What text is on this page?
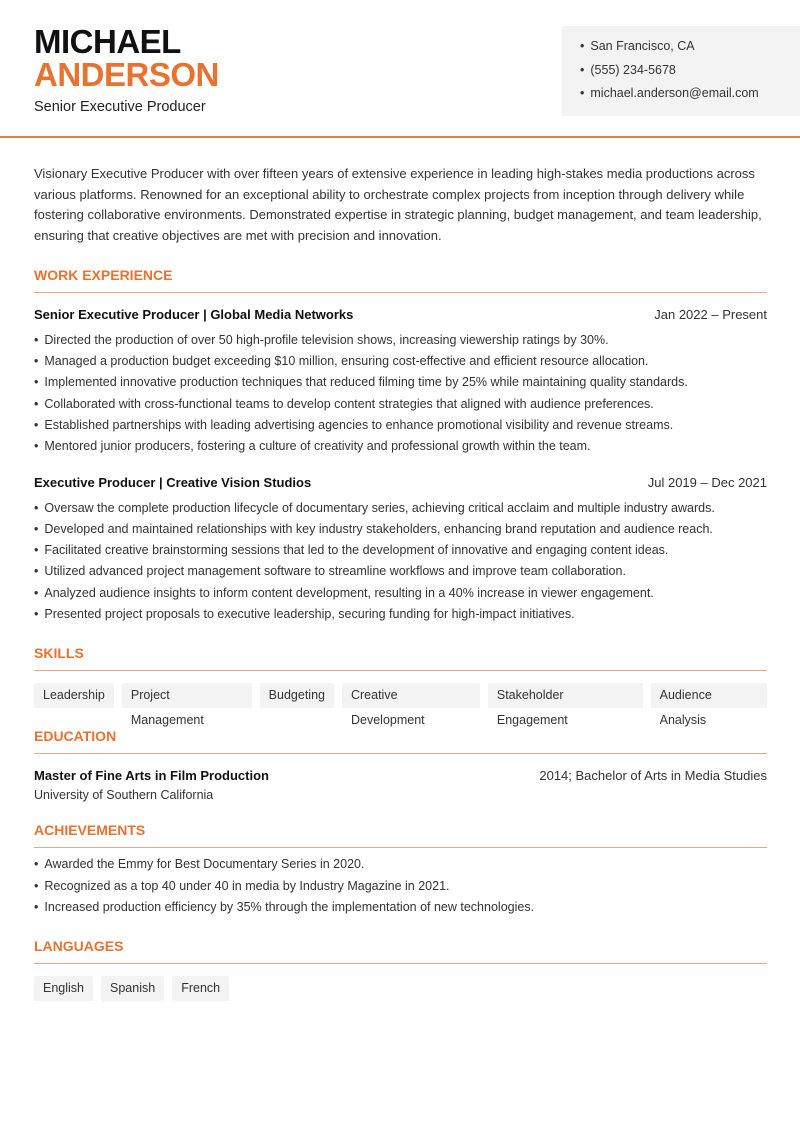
MICHAEL
ANDERSON
Senior Executive Producer
• San Francisco, CA
• (555) 234-5678
• michael.anderson@email.com

Visionary Executive Producer with over fifteen years of extensive experience in leading high-stakes media productions across various platforms. Renowned for an exceptional ability to orchestrate complex projects from inception through delivery while fostering collaborative environments. Demonstrated expertise in strategic planning, budget management, and team leadership, ensuring that creative objectives are met with precision and innovation.

WORK EXPERIENCE
Senior Executive Producer | Global Media Networks	Jan 2022 – Present
• Directed the production of over 50 high-profile television shows, increasing viewership ratings by 30%.
• Managed a production budget exceeding $10 million, ensuring cost-effective and efficient resource allocation.
• Implemented innovative production techniques that reduced filming time by 25% while maintaining quality standards.
• Collaborated with cross-functional teams to develop content strategies that aligned with audience preferences.
• Established partnerships with leading advertising agencies to enhance promotional visibility and revenue streams.
• Mentored junior producers, fostering a culture of creativity and professional growth within the team.
Executive Producer | Creative Vision Studios	Jul 2019 – Dec 2021
• Oversaw the complete production lifecycle of documentary series, achieving critical acclaim and multiple industry awards.
• Developed and maintained relationships with key industry stakeholders, enhancing brand reputation and audience reach.
• Facilitated creative brainstorming sessions that led to the development of innovative and engaging content ideas.
• Utilized advanced project management software to streamline workflows and improve team collaboration.
• Analyzed audience insights to inform content development, resulting in a 40% increase in viewer engagement.
• Presented project proposals to executive leadership, securing funding for high-impact initiatives.
SKILLS
Leadership	Project Management
Budgeting	Creative Development
Stakeholder Engagement
Audience Analysis
EDUCATION
Master of Fine Arts in Film Production	2014; Bachelor of Arts in Media Studies
University of Southern California
ACHIEVEMENTS
• Awarded the Emmy for Best Documentary Series in 2020.
• Recognized as a top 40 under 40 in media by Industry Magazine in 2021.
• Increased production efficiency by 35% through the implementation of new technologies.
LANGUAGES
English	Spanish	French
